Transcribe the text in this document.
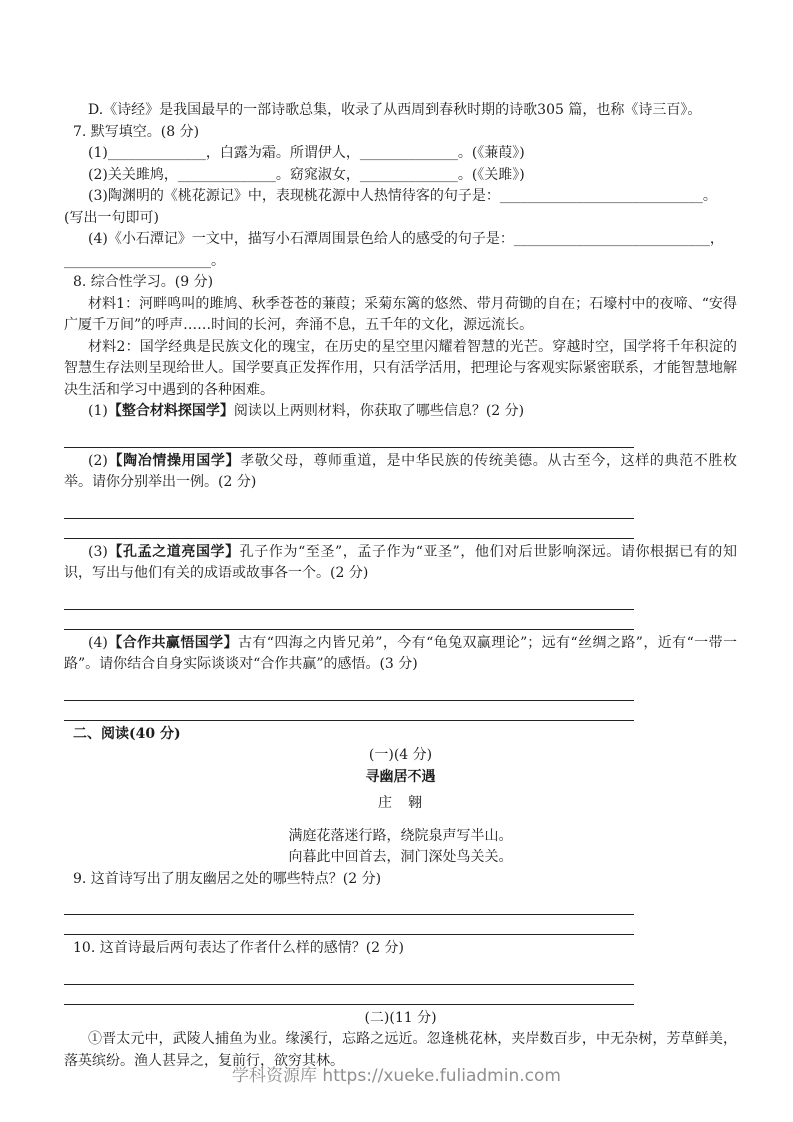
D.《诗经》是我国最早的一部诗歌总集，收录了从西周到春秋时期的诗歌305 篇，也称《诗三百》。
7. 默写填空。(8 分)
(1)______________，白露为霜。所谓伊人，______________。(《蒹葭》)
(2)关关雎鸠，______________。窈窕淑女，______________。(《关雎》)
(3)陶渊明的《桃花源记》中，表现桃花源中人热情待客的句子是：_____________________________。
(写出一句即可)
(4)《小石潭记》一文中，描写小石潭周围景色给人的感受的句子是：____________________________，
_____________________。
8. 综合性学习。(9 分)
材料1：河畔鸣叫的雎鸠、秋季苍苍的蒹葭；采菊东篱的悠然、带月荷锄的自在；石壕村中的夜啼、“安得广厦千万间”的呼声……时间的长河，奔涌不息，五千年的文化，源远流长。
材料2：国学经典是民族文化的瑰宝，在历史的星空里闪耀着智慧的光芒。穿越时空，国学将千年积淀的智慧生存法则呈现给世人。国学要真正发挥作用，只有活学活用，把理论与客观实际紧密联系，才能智慧地解决生活和学习中遇到的各种困难。
(1)【整合材料探国学】阅读以上两则材料，你获取了哪些信息？(2 分)
(2)【陶冶情操用国学】孝敬父母，尊师重道，是中华民族的传统美德。从古至今，这样的典范不胜枚举。请你分别举出一例。(2 分)
(3)【孔孟之道亮国学】孔子作为“至圣”，孟子作为“亚圣”，他们对后世影响深远。请你根据已有的知识，写出与他们有关的成语或故事各一个。(2 分)
(4)【合作共赢悟国学】古有“四海之内皆兄弟”，今有“龟兔双赢理论”；远有“丝绸之路”，近有“一带一路”。请你结合自身实际谈谈对“合作共赢”的感悟。(3 分)
二、阅读(40 分)
(一)(4 分)
寻幽居不遇
庄　翱
满庭花落迷行路，绕院泉声写半山。
向暮此中回首去，洞门深处鸟关关。
9. 这首诗写出了朋友幽居之处的哪些特点？(2 分)
10. 这首诗最后两句表达了作者什么样的感情？(2 分)
(二)(11 分)
①晋太元中，武陵人捕鱼为业。缘溪行，忘路之远近。忽逢桃花林，夹岸数百步，中无杂树，芳草鲜美，落英缤纷。渔人甚异之，复前行，欲穷其林。
学科资源库 https://xueke.fuliadmin.com
